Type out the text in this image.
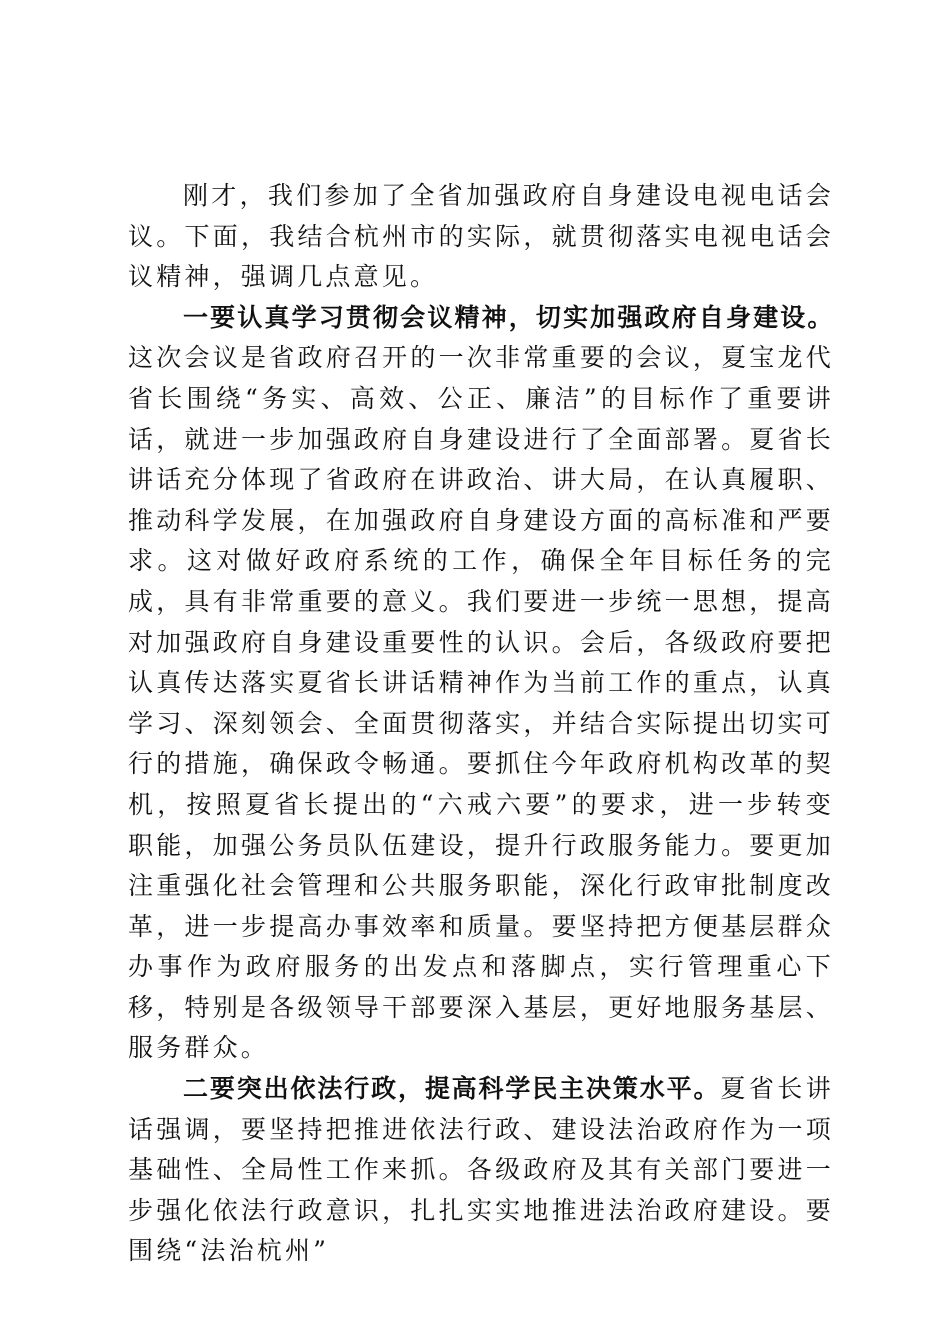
刚才，我们参加了全省加强政府自身建设电视电话会议。下面，我结合杭州市的实际，就贯彻落实电视电话会议精神，强调几点意见。

一要认真学习贯彻会议精神，切实加强政府自身建设。这次会议是省政府召开的一次非常重要的会议，夏宝龙代省长围绕“务实、高效、公正、廉洁”的目标作了重要讲话，就进一步加强政府自身建设进行了全面部署。夏省长讲话充分体现了省政府在讲政治、讲大局，在认真履职、推动科学发展，在加强政府自身建设方面的高标准和严要求。这对做好政府系统的工作，确保全年目标任务的完成，具有非常重要的意义。我们要进一步统一思想，提高对加强政府自身建设重要性的认识。会后，各级政府要把认真传达落实夏省长讲话精神作为当前工作的重点，认真学习、深刻领会、全面贯彻落实，并结合实际提出切实可行的措施，确保政令畅通。要抓住今年政府机构改革的契机，按照夏省长提出的“六戒六要”的要求，进一步转变职能，加强公务员队伍建设，提升行政服务能力。要更加注重强化社会管理和公共服务职能，深化行政审批制度改革，进一步提高办事效率和质量。要坚持把方便基层群众办事作为政府服务的出发点和落脚点，实行管理重心下移，特别是各级领导干部要深入基层，更好地服务基层、服务群众。

二要突出依法行政，提高科学民主决策水平。夏省长讲话强调，要坚持把推进依法行政、建设法治政府作为一项基础性、全局性工作来抓。各级政府及其有关部门要进一步强化依法行政意识，扎扎实实地推进法治政府建设。要围绕“法治杭州”
